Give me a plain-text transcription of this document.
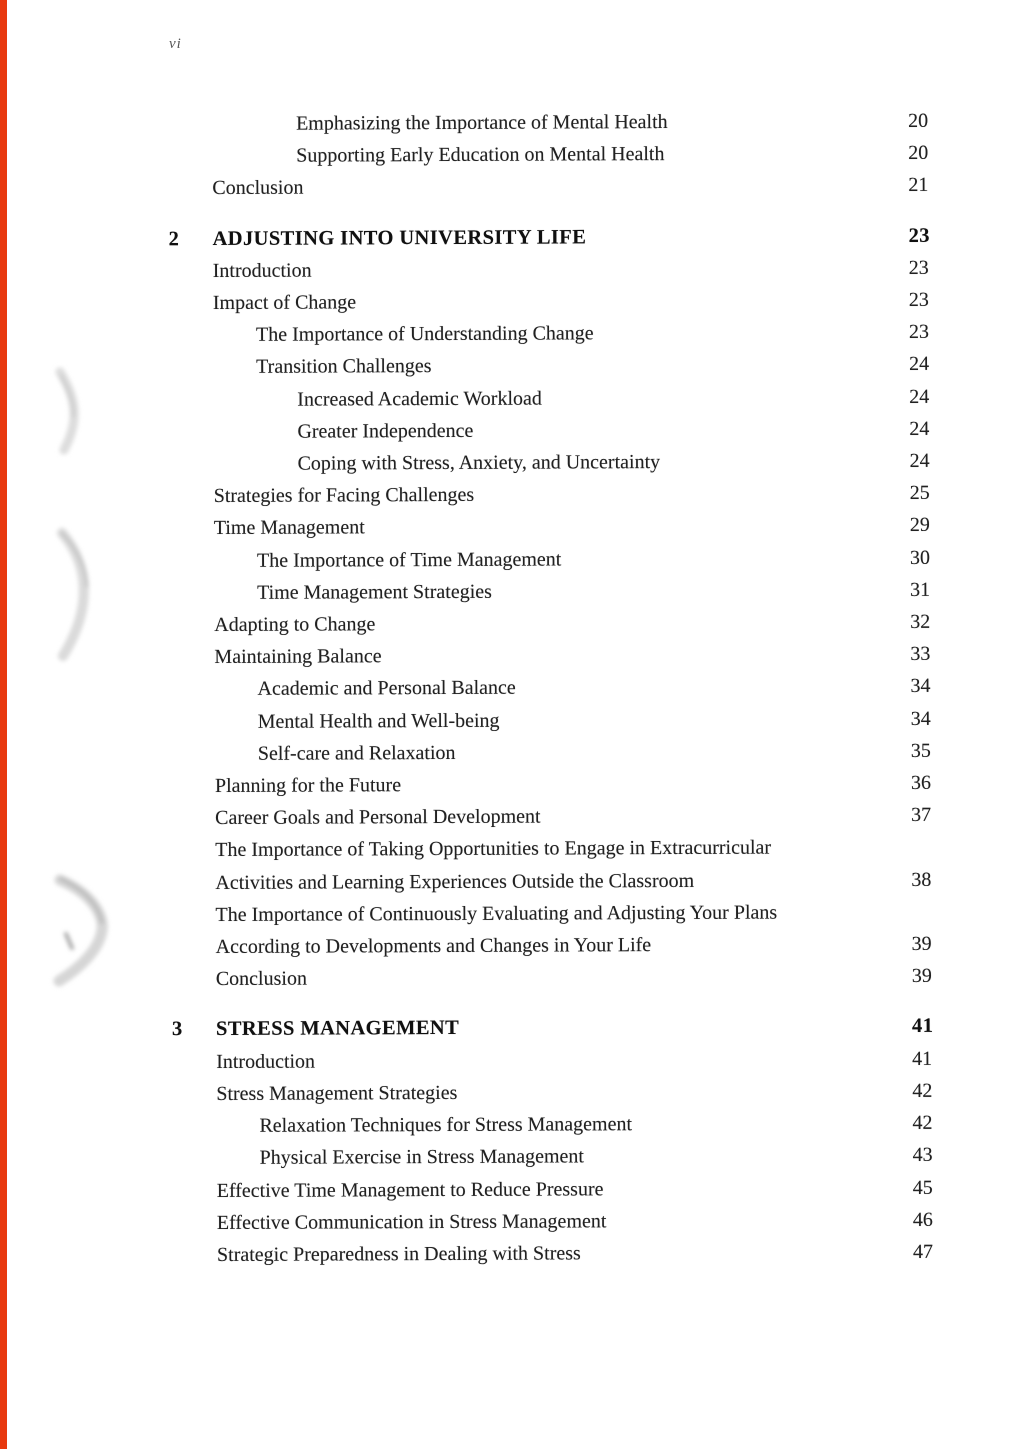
vi
Emphasizing the Importance of Mental Health	20
Supporting Early Education on Mental Health	20
Conclusion	21
2 ADJUSTING INTO UNIVERSITY LIFE	23
Introduction	23
Impact of Change	23
The Importance of Understanding Change	23
Transition Challenges	24
Increased Academic Workload	24
Greater Independence	24
Coping with Stress, Anxiety, and Uncertainty	24
Strategies for Facing Challenges	25
Time Management	29
The Importance of Time Management	30
Time Management Strategies	31
Adapting to Change	32
Maintaining Balance	33
Academic and Personal Balance	34
Mental Health and Well-being	34
Self-care and Relaxation	35
Planning for the Future	36
Career Goals and Personal Development	37
The Importance of Taking Opportunities to Engage in Extracurricular
Activities and Learning Experiences Outside the Classroom	38
The Importance of Continuously Evaluating and Adjusting Your Plans
According to Developments and Changes in Your Life	39
Conclusion	39
3 STRESS MANAGEMENT	41
Introduction	41
Stress Management Strategies	42
Relaxation Techniques for Stress Management	42
Physical Exercise in Stress Management	43
Effective Time Management to Reduce Pressure	45
Effective Communication in Stress Management	46
Strategic Preparedness in Dealing with Stress	47
